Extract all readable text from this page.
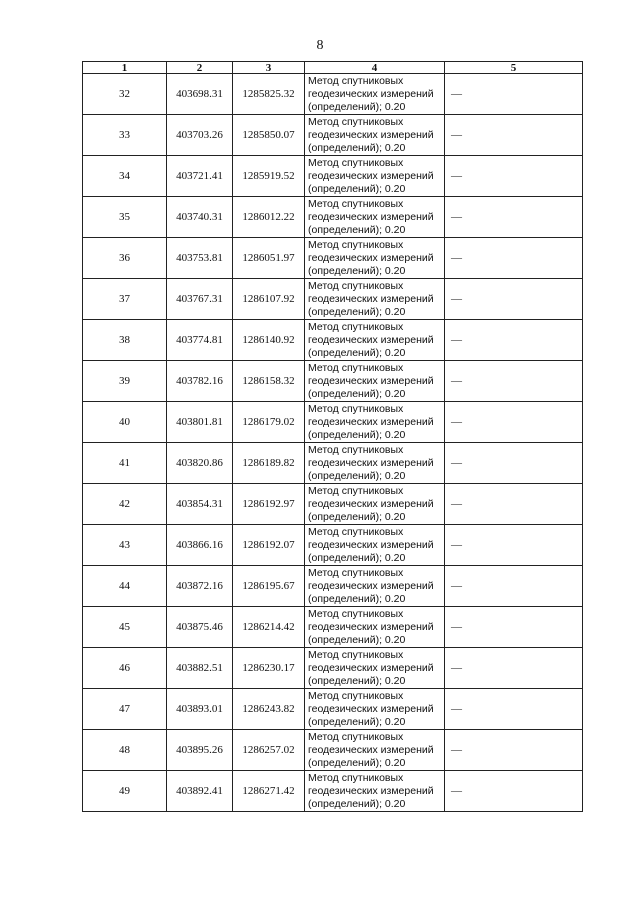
8
1	2	3	4	5
32	403698.31	1285825.32	Метод спутниковых
геодезических измерений
(определений); 0.20	—
33	403703.26	1285850.07	Метод спутниковых
геодезических измерений
(определений); 0.20	—
34	403721.41	1285919.52	Метод спутниковых
геодезических измерений
(определений); 0.20	—
35	403740.31	1286012.22	Метод спутниковых
геодезических измерений
(определений); 0.20	—
36	403753.81	1286051.97	Метод спутниковых
геодезических измерений
(определений); 0.20	—
37	403767.31	1286107.92	Метод спутниковых
геодезических измерений
(определений); 0.20	—
38	403774.81	1286140.92	Метод спутниковых
геодезических измерений
(определений); 0.20	—
39	403782.16	1286158.32	Метод спутниковых
геодезических измерений
(определений); 0.20	—
40	403801.81	1286179.02	Метод спутниковых
геодезических измерений
(определений); 0.20	—
41	403820.86	1286189.82	Метод спутниковых
геодезических измерений
(определений); 0.20	—
42	403854.31	1286192.97	Метод спутниковых
геодезических измерений
(определений); 0.20	—
43	403866.16	1286192.07	Метод спутниковых
геодезических измерений
(определений); 0.20	—
44	403872.16	1286195.67	Метод спутниковых
геодезических измерений
(определений); 0.20	—
45	403875.46	1286214.42	Метод спутниковых
геодезических измерений
(определений); 0.20	—
46	403882.51	1286230.17	Метод спутниковых
геодезических измерений
(определений); 0.20	—
47	403893.01	1286243.82	Метод спутниковых
геодезических измерений
(определений); 0.20	—
48	403895.26	1286257.02	Метод спутниковых
геодезических измерений
(определений); 0.20	—
49	403892.41	1286271.42	Метод спутниковых
геодезических измерений
(определений); 0.20	—
